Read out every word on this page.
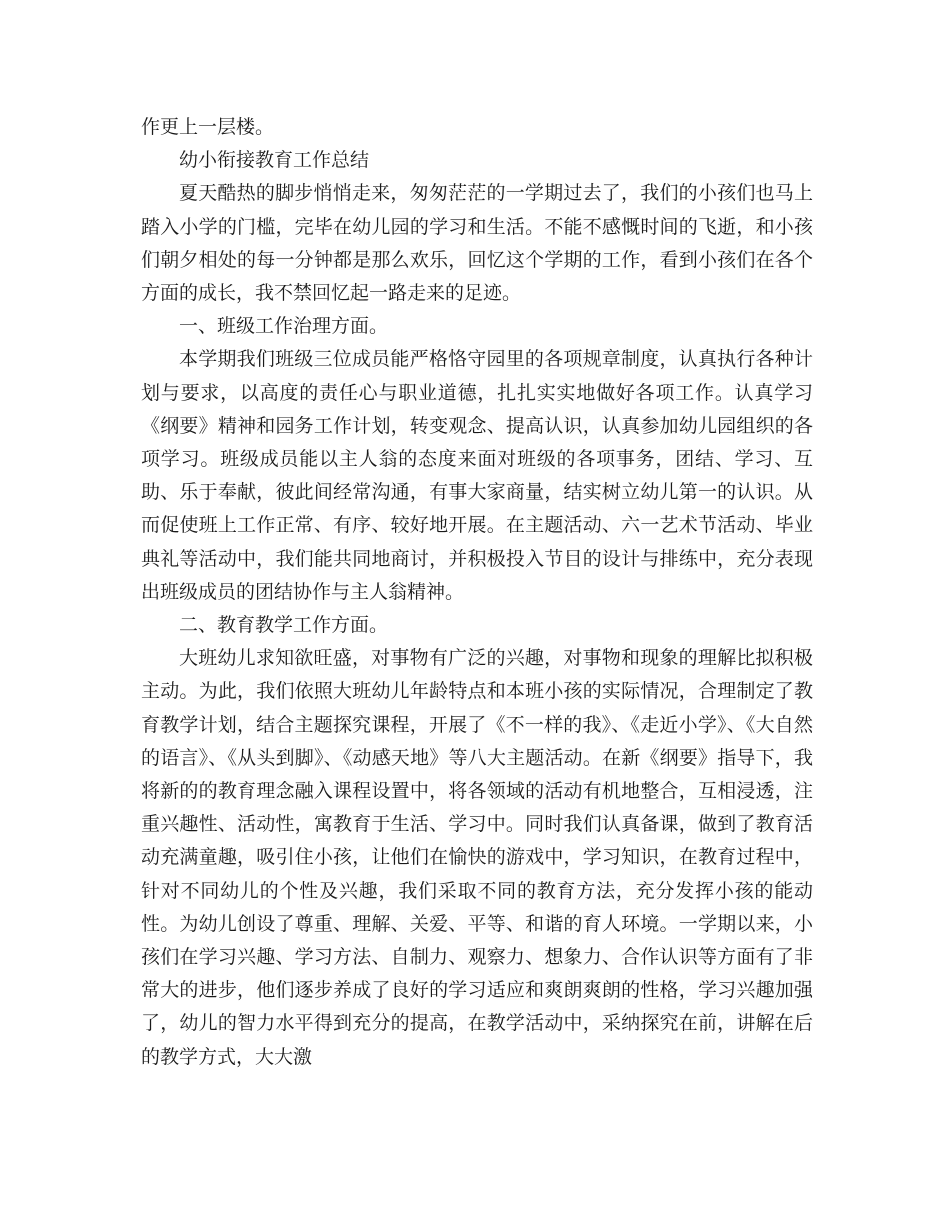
作更上一层楼。

幼小衔接教育工作总结

夏天酷热的脚步悄悄走来，匆匆茫茫的一学期过去了，我们的小孩们也马上踏入小学的门槛，完毕在幼儿园的学习和生活。不能不感慨时间的飞逝，和小孩们朝夕相处的每一分钟都是那么欢乐，回忆这个学期的工作，看到小孩们在各个方面的成长，我不禁回忆起一路走来的足迹。

一、班级工作治理方面。

本学期我们班级三位成员能严格恪守园里的各项规章制度，认真执行各种计划与要求，以高度的责任心与职业道德，扎扎实实地做好各项工作。认真学习《纲要》精神和园务工作计划，转变观念、提高认识，认真参加幼儿园组织的各项学习。班级成员能以主人翁的态度来面对班级的各项事务，团结、学习、互助、乐于奉献，彼此间经常沟通，有事大家商量，结实树立幼儿第一的认识。从而促使班上工作正常、有序、较好地开展。在主题活动、六一艺术节活动、毕业典礼等活动中，我们能共同地商讨，并积极投入节目的设计与排练中，充分表现出班级成员的团结协作与主人翁精神。

二、教育教学工作方面。

大班幼儿求知欲旺盛，对事物有广泛的兴趣，对事物和现象的理解比拟积极主动。为此，我们依照大班幼儿年龄特点和本班小孩的实际情况，合理制定了教育教学计划，结合主题探究课程，开展了《不一样的我》、《走近小学》、《大自然的语言》、《从头到脚》、《动感天地》等八大主题活动。在新《纲要》指导下，我将新的的教育理念融入课程设置中，将各领域的活动有机地整合，互相浸透，注重兴趣性、活动性，寓教育于生活、学习中。同时我们认真备课，做到了教育活动充满童趣，吸引住小孩，让他们在愉快的游戏中，学习知识，在教育过程中，针对不同幼儿的个性及兴趣，我们采取不同的教育方法，充分发挥小孩的能动性。为幼儿创设了尊重、理解、关爱、平等、和谐的育人环境。一学期以来，小孩们在学习兴趣、学习方法、自制力、观察力、想象力、合作认识等方面有了非常大的进步，他们逐步养成了良好的学习适应和爽朗爽朗的性格，学习兴趣加强了，幼儿的智力水平得到充分的提高，在教学活动中，采纳探究在前，讲解在后的教学方式，大大激
